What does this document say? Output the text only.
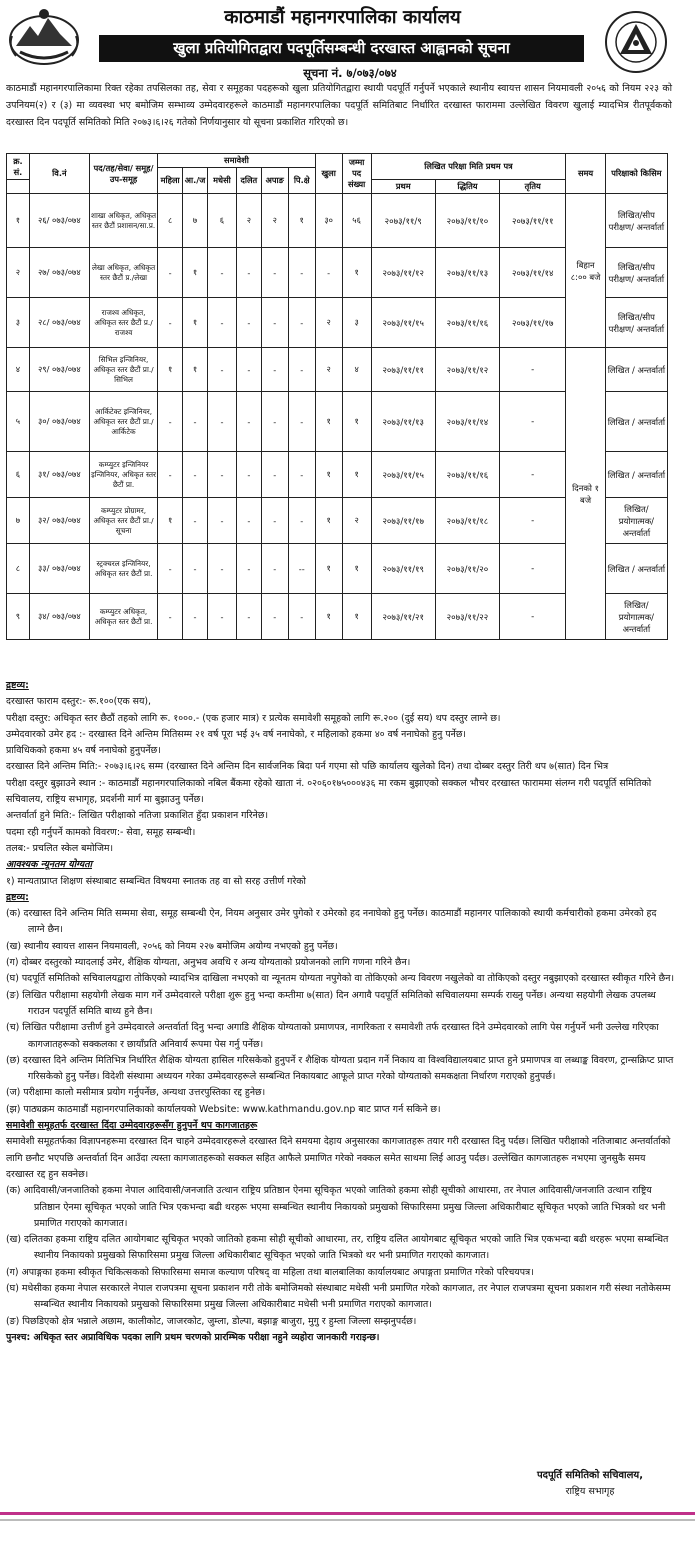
काठमाडौं महानगरपालिका कार्यालय
खुला प्रतियोगितद्वारा पदपूर्तिसम्बन्धी दरखास्त आह्वानको सूचना
सूचना नं. ७/०७३/०७४
काठमाडौं महानगरपालिकामा रिक्त रहेका तपसिलका तह, सेवा र समूहका पदहरूको खुला प्रतियोगितद्वारा स्थायी पदपूर्ति गर्नुपर्ने भएकाले स्थानीय स्वायत्त शासन नियमावली २०५६ को नियम २२३ को उपनियम(२) र (३) मा व्यवस्था भए बमोजिम सम्भाव्य उम्मेदवारहरूले काठमाडौं महानगरपालिका पदपूर्ति समितिबाट निर्धारित दरखास्त फाराममा उल्लेखित विवरण खुलाई म्यादभित्र रीतपूर्वकको दरखास्त दिन पदपूर्ति समितिको मिति २०७३।६।२६ गतेको निर्णयानुसार यो सूचना प्रकाशित गरिएको छ।
क्र. सं.	वि.नं	पद/तह/सेवा/ समूह/उप-समूह	समावेशी						खुला	जम्मा पद संख्या	लिखित परिक्षा मिति प्रथम पत्र			समय	परिक्षाको किसिम
			महिला	आ./ज	मधेसी	दलित	अपाङ	पि.क्षे							
											प्रथम	द्धितिय	तृतिय		
१	२६/ ०७३/०७४	शाखा अधिकृत, अधिकृत स्तर छैटौं प्रशासन/सा.प्र.	८	७	६	२	२	१	३०	५६	२०७३/११/९	२०७३/११/१०	२०७३/११/११	बिहान ८:०० बजे	लिखित/सीप परीक्षण/ अन्तर्वार्ता
२	२७/ ०७३/०७४	लेखा अधिकृत, अधिकृत स्तर छैटौं प्र./लेखा	-	१	-	-	-	-	-	१	२०७३/११/१२	२०७३/११/१३	२०७३/११/१४		लिखित/सीप परीक्षण/ अन्तर्वार्ता
३	२८/ ०७३/०७४	राजश्व अधिकृत, अधिकृत स्तर छैटौं प्र./राजश्व	-	१	-	-	-	-	२	३	२०७३/११/१५	२०७३/११/१६	२०७३/११/१७		लिखित/सीप परीक्षण/ अन्तर्वार्ता
४	२९/ ०७३/०७४	सिभिल इन्जिनियर, अधिकृत स्तर छैटौं प्रा./सिभिल	१	१	-	-	-	-	२	४	२०७३/११/११	२०७३/११/१२	-	दिनको १ बजे	लिखित / अन्तर्वार्ता
५	३०/ ०७३/०७४	आर्किटेक्ट इन्जिनियर, अधिकृत स्तर छैटौं प्रा./आर्किटेक	-	-	-	-	-	-	१	१	२०७३/११/१३	२०७३/११/१४	-		लिखित / अन्तर्वार्ता
६	३१/ ०७३/०७४	कम्प्युटर इन्जिनियर इन्जिनियर, अधिकृत स्तर छैटौं प्रा.	-	-	-	-	-	-	१	१	२०७३/११/१५	२०७३/११/१६	-		लिखित / अन्तर्वार्ता
७	३२/ ०७३/०७४	कम्प्युटर प्रोग्रामर, अधिकृत स्तर छैटौं प्रा./सूचना	१	-	-	-	-	-	१	२	२०७३/११/१७	२०७३/११/१८	-		लिखित/प्रयोगात्मक/अन्तर्वार्ता
८	३३/ ०७३/०७४	स्ट्रक्चरल इन्जिनियर, अधिकृत स्तर छैटौं प्रा.	-	-	-	-	-	--	१	१	२०७३/११/१९	२०७३/११/२०	-		लिखित / अन्तर्वार्ता
९	३४/ ०७३/०७४	कम्प्युटर अधिकृत, अधिकृत स्तर छैटौं प्रा.	-	-	-	-	-	-	१	१	२०७३/११/२१	२०७३/११/२२	-		लिखित/प्रयोगात्मक/अन्तर्वार्ता

द्रष्टव्य:

दरखास्त फाराम दस्तुर:- रू.१००(एक सय),

परीक्षा दस्तुर: अधिकृत स्तर छैठौं तहको लागि रू. १०००.- (एक हजार मात्र) र प्रत्येक समावेशी समूहको लागि रू.२०० (दुई सय) थप दस्तुर लाग्ने छ।

उम्मेदवारको उमेर हद :- दरखास्त दिने अन्तिम मितिसम्म २१ वर्ष पूरा भई ३५ वर्ष ननाघेको, र महिलाको हकमा ४० वर्ष ननाघेको हुनु पर्नेछ।

प्राविधिकको हकमा ४५ वर्ष ननाघेको हुनुपर्नेछ।

दरखास्त दिने अन्तिम मिति:- २०७३।६।२६ सम्म (दरखास्त दिने अन्तिम दिन सार्वजनिक बिदा पर्न गएमा सो पछि कार्यालय खुलेको दिन) तथा दोब्बर दस्तुर तिरी थप ७(सात) दिन भित्र

परीक्षा दस्तुर बुझाउने स्थान :- काठमाडौं महानगरपालिकाको नबिल बैंकमा रहेको खाता नं. ०२०६०१७५०००४३६ मा रकम बुझाएको सक्कल भौचर दरखास्त फाराममा संलग्न गरी पदपूर्ति समितिको सचिवालय, राष्ट्रिय सभागृह, प्रदर्शनी मार्ग मा बुझाउनु पर्नेछ।

अन्तर्वार्ता हुने मिति:- लिखित परीक्षाको नतिजा प्रकाशित हुँदा प्रकाशन गरिनेछ।

पदमा रही गर्नुपर्ने कामको विवरण:- सेवा, समूह सम्बन्धी।

तलब:- प्रचलित स्केल बमोजिम।

आवश्यक न्यूनतम योग्यता

१) मान्यताप्राप्त शिक्षण संस्थाबाट सम्बन्धित विषयमा स्नातक तह वा सो सरह उत्तीर्ण गरेको

द्रष्टव्य:

(क) दरखास्त दिने अन्तिम मिति सम्ममा सेवा, समूह सम्बन्धी ऐन, नियम अनुसार उमेर पुगेको र उमेरको हद ननाघेको हुनु पर्नेछ। काठमाडौं महानगर पालिकाको स्थायी कर्मचारीको हकमा उमेरको हद लाग्ने छैन।

(ख) स्थानीय स्वायत्त शासन नियमावली, २०५६ को नियम २२७ बमोजिम अयोग्य नभएको हुनु पर्नेछ।

(ग) दोब्बर दस्तुरको म्यादलाई उमेर, शैक्षिक योग्यता, अनुभव अवधि र अन्य योग्यताको प्रयोजनको लागि गणना गरिने छैन।

(घ) पदपूर्ति समितिको सचिवालयद्वारा तोकिएको म्यादभित्र दाखिला नभएको वा न्यूनतम योग्यता नपुगेको वा तोकिएको अन्य विवरण नखुलेको वा तोकिएको दस्तुर नबुझाएको दरखास्त स्वीकृत गरिने छैन।

(ङ) लिखित परीक्षामा सहयोगी लेखक माग गर्ने उम्मेदवारले परीक्षा शुरू हुनु भन्दा कम्तीमा ७(सात) दिन अगावै पदपूर्ति समितिको सचिवालयमा सम्पर्क राख्नु पर्नेछ। अन्यथा सहयोगी लेखक उपलब्ध गराउन पदपूर्ति समिति बाध्य हुने छैन।

(च) लिखित परीक्षामा उत्तीर्ण हुने उम्मेदवारले अन्तर्वार्ता दिनु भन्दा अगाडि शैक्षिक योग्यताको प्रमाणपत्र, नागरिकता र समावेशी तर्फ दरखास्त दिने उम्मेदवारको लागि पेस गर्नुपर्ने भनी उल्लेख गरिएका कागजातहरूको सक्कलका र छायाँप्रति अनिवार्य रूपमा पेस गर्नु पर्नेछ।

(छ) दरखास्त दिने अन्तिम मितिभित्र निर्धारित शैक्षिक योग्यता हासिल गरिसकेको हुनुपर्ने र शैक्षिक योग्यता प्रदान गर्ने निकाय वा विश्वविद्यालयबाट प्राप्त हुने प्रमाणपत्र वा लब्धाङ्क विवरण, ट्रान्सक्रिप्ट प्राप्त गरिसकेको हुनु पर्नेछ। विदेशी संस्थामा अध्ययन गरेका उम्मेदवारहरूले सम्बन्धित निकायबाट आफूले प्राप्त गरेको योग्यताको समकक्षता निर्धारण गराएको हुनुपर्छ।

(ज) परीक्षामा कालो मसीमात्र प्रयोग गर्नुपर्नेछ, अन्यथा उत्तरपुस्तिका रद्द हुनेछ।

(झ) पाठ्यक्रम काठमाडौं महानगरपालिकाको कार्यालयको Website: www.kathmandu.gov.np बाट प्राप्त गर्न सकिने छ।

समावेशी समूहतर्फ दरखास्त दिंदा उम्मेदवारहरूसँग हुनुपर्ने थप कागजातहरू

समावेशी समूहतर्फका विज्ञापनहरूमा दरखास्त दिन चाहने उम्मेदवारहरूले दरखास्त दिने समयमा देहाय अनुसारका कागजातहरू तयार गरी दरखास्त दिनु पर्दछ। लिखित परीक्षाको नतिजाबाट अन्तर्वार्ताको लागि छनौट भएपछि अन्तर्वार्ता दिन आउँदा त्यस्ता कागजातहरूको सक्कल सहित आफैले प्रमाणित गरेको नक्कल समेत साथमा लिई आउनु पर्दछ। उल्लेखित कागजातहरू नभएमा जुनसुकै समय दरखास्त रद्द हुन सक्नेछ।

(क) आदिवासी/जनजातिको हकमा नेपाल आदिवासी/जनजाति उत्थान राष्ट्रिय प्रतिष्ठान ऐनमा सूचिकृत भएको जातिको हकमा सोही सूचीको आधारमा, तर नेपाल आदिवासी/जनजाति उत्थान राष्ट्रिय प्रतिष्ठान ऐनमा सूचिकृत भएको जाति भित्र एकभन्दा बढी थरहरू भएमा सम्बन्धित स्थानीय निकायको प्रमुखको सिफारिसमा प्रमुख जिल्ला अधिकारीबाट सूचिकृत भएको जाति भित्रको थर भनी प्रमाणित गराएको कागजात।

(ख) दलितका हकमा राष्ट्रिय दलित आयोगबाट सूचिकृत भएको जातिको हकमा सोही सूचीको आधारमा, तर, राष्ट्रिय दलित आयोगबाट सूचिकृत भएको जाति भित्र एकभन्दा बढी थरहरू भएमा सम्बन्धित स्थानीय निकायको प्रमुखको सिफारिसमा प्रमुख जिल्ला अधिकारीबाट सूचिकृत भएको जाति भित्रको थर भनी प्रमाणित गराएको कागजात।

(ग) अपाङ्गका हकमा स्वीकृत चिकित्सकको सिफारिसमा समाज कल्याण परिषद् वा महिला तथा बालबालिका कार्यालयबाट अपाङ्गता प्रमाणित गरेको परिचयपत्र।

(घ) मधेसीका हकमा नेपाल सरकारले नेपाल राजपत्रमा सूचना प्रकाशन गरी तोके बमोजिमको संस्थाबाट मधेसी भनी प्रमाणित गरेको कागजात, तर नेपाल राजपत्रमा सूचना प्रकाशन गरी संस्था नतोकेसम्म सम्बन्धित स्थानीय निकायको प्रमुखको सिफारिसमा प्रमुख जिल्ला अधिकारीबाट मधेसी भनी प्रमाणित गराएको कागजात।

(ङ) पिछडिएको क्षेत्र भन्नाले अछाम, कालीकोट, जाजरकोट, जुम्ला, डोल्पा, बझाङ्ग बाजुरा, मुगु र हुम्ला जिल्ला सम्झनुपर्दछ।

पुनश्च: अधिकृत स्तर अप्राविधिक पदका लागि प्रथम चरणको प्रारम्भिक परीक्षा नहुने व्यहोरा जानकारी गराइन्छ।

पदपूर्ति समितिको सचिवालय,
राष्ट्रिय सभागृह
